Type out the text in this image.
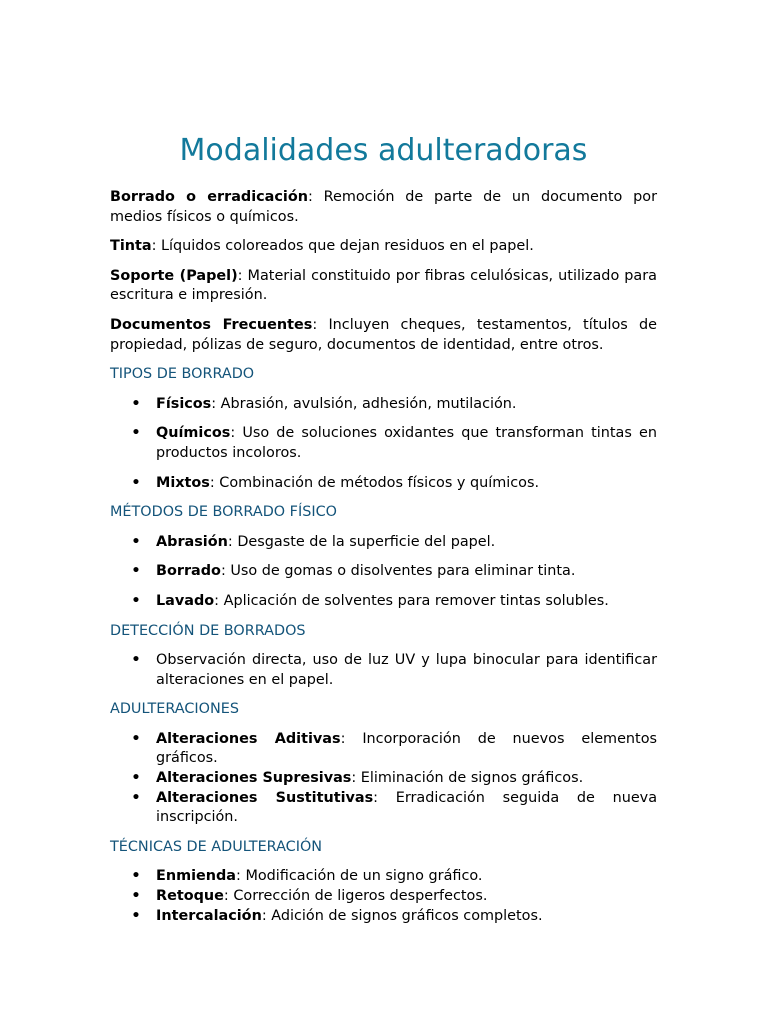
Modalidades adulteradoras

Borrado o erradicación: Remoción de parte de un documento por medios físicos o químicos.

Tinta: Líquidos coloreados que dejan residuos en el papel.

Soporte (Papel): Material constituido por fibras celulósicas, utilizado para escritura e impresión.

Documentos Frecuentes: Incluyen cheques, testamentos, títulos de propiedad, pólizas de seguro, documentos de identidad, entre otros.

TIPOS DE BORRADO
• Físicos: Abrasión, avulsión, adhesión, mutilación.
• Químicos: Uso de soluciones oxidantes que transforman tintas en productos incoloros.
• Mixtos: Combinación de métodos físicos y químicos.
MÉTODOS DE BORRADO FÍSICO
• Abrasión: Desgaste de la superficie del papel.
• Borrado: Uso de gomas o disolventes para eliminar tinta.
• Lavado: Aplicación de solventes para remover tintas solubles.
DETECCIÓN DE BORRADOS
• Observación directa, uso de luz UV y lupa binocular para identificar alteraciones en el papel.
ADULTERACIONES
• Alteraciones Aditivas: Incorporación de nuevos elementos gráficos.
• Alteraciones Supresivas: Eliminación de signos gráficos.
• Alteraciones Sustitutivas: Erradicación seguida de nueva inscripción.
TÉCNICAS DE ADULTERACIÓN
• Enmienda: Modificación de un signo gráfico.
• Retoque: Corrección de ligeros desperfectos.
• Intercalación: Adición de signos gráficos completos.
